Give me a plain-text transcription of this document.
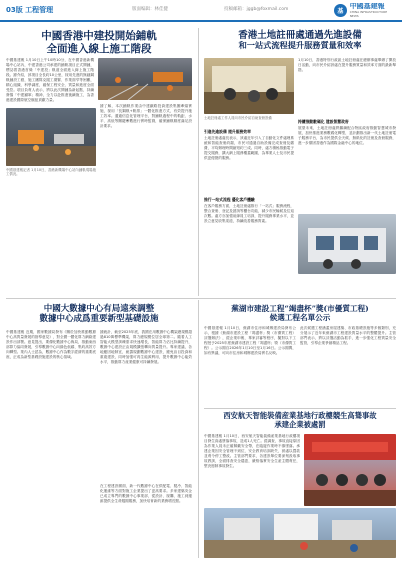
03版 工程管理	版面编辑：林佳健	投稿邮箱：jggb@foxmail.com	基
中國基建報
CHINA INFRASTRUCTURE NEWS
中國香港中建投開始鋪軌
全面進入線上施工階段
中國基建報 1月10日上午10時10分，在中國香港新機場中心站內，中建香港公司承建的鋪軌項目正式開鋪，標誌着香港首條「中建投」軌道全面進入線上施工階段。據介紹，該項目全長約10公里，採用先進的無縫鋼軌鋪設工藝，施工團隊克服工期緊、作業面窄等困難，精心組織、科學調度，確保工程安全、質量和進度全面受控。項目負責人表示，將以此次開鋪為新起點，持續發揚「中建鐵軍」精神，全力以赴推進後續施工，為香港建設國際航空樞紐貢獻力量。
中國基建報記者 1月10日，香港新機場中心站內鋪軌現場施工情況。
據了解，本次鋪軌作業由中建鐵路投資建設集團牽頭實施，採用「長鋼軌+軌排」一體化推進方式，有效提升施工效率。通過信息化管理平台，對鋪軌過程中的軌距、水平、高低等關鍵參數進行實時監測，確保鋪軌精度滿足設計要求。
香港土地註冊處通過先進設備
和一站式流程提升服務質量和效率
1月10日，香港特別行政區土地註冊處在總辦事處舉辦了開放日活動，向市民介紹該處在提升服務質量和效率方面的最新舉措。
土地註冊處工作人員向市民介紹自助查冊設備
引進先進設備 提升服務效率
土地註冊處處長表示，該處近年引入了自動化文件處理系統和智能查冊終端，市民可通過自助設備完成查冊及繳費，平均辦理時間縮短約三成。同時，處方積極推動電子提交服務，擴大網上服務覆蓋範圍，為專業人士及市民提供更便捷的服務。
推行一站式流程 優化客戶體驗
在客戶服務方面，土地註冊處推行「一站式」服務流程，整合查冊、登記及諮詢等櫃台功能，減少市民輪候及往返次數。處方亦加強前線員工培訓，提升服務專業水平，並設立意見收集渠道，持續改善服務質素。
持續推動數碼化 建設智慧政府
展望未來，土地註冊處將繼續配合特區政府推動智慧城市發展，加快推進業務數碼化轉型，並計劃推出新一代土地註冊電子服務平台，為市民提供全天候、無紙化的註冊及查冊服務，進一步鞏固香港作為國際金融中心的地位。
中國大數據中心有局遠來調整
數據中心成爲重要新型基礎設施
中國基建報 近期，國家數據局發布《關於加快推動數據中心高質量發展的指導意見》，對全國一體化算力網絡建設作出部署。意見提出，要優化數據中心佈局，推動東西部算力協同發展，引導數據中心向綠色低碳、集約高效方向轉型。業內人士認為，數據中心作為數字經濟的重要底座，正成為新型基礎設施建設的核心領域。
據統計，截至2025年底，我國在用數據中心機架總規模超過810萬標準機架，算力總規模位居全球第二。隨着人工智能大模型訓練需求快速增長，智能算力佔比持續提升，數據中心建設正由規模擴張轉向質量提升。專家建議，各地應因地制宜，統籌規劃數據中心建設，避免盲目投資和重複建設，同時加強可再生能源利用，提升數據中心能效水平，推動算力產業健康可持續發展。
在工程建設層面，新一代數據中心在供配電、製冷、智能化運維等方面對施工企業提出了更高要求。多家建築央企已成立專門的數據中心事業部，從設計、採購、施工到運維提供全生命週期服務，加快培育新的業務增長點。
蕪湖市建設工程“竭盡杯”獎(市優質工程)
候選工程名單公示
中國基建報 1月10日，蕪湖市住房和城鄉建設局發布公示，根據《蕪湖市建設工程「竭盡杯」獎（市優質工程）評選辦法》，經企業申報、專家評審等程序，擬對以下工程授予2025年度蕪湖市建設工程「竭盡杯」獎（市優質工程）。公示期自2026年1月10日至1月16日。公示期間，如有異議，可向市住房和城鄉建設局實名反映。
此次候選工程涵蓋房屋建築、市政基礎設施等多個類別，充分展示了近年來蕪湖市工程建設質量水平的整體提升。主管部門表示，將以評選活動為抓手，進一步強化工程質量安全監管，引導企業爭創精品工程。
西安航天智能裝備産業基地行政樓競生高聳事故
承建企業被處罰
中國基建報 1月10日，西安航天智能裝備產業基地行政樓項目發生高處墜落事故，造成1人死亡。經調查，事故直接原因為作業人員未正確佩戴安全帶，在臨邊作業時不慎墜落。承建企業因安全管理不到位、安全教育培訓缺失，被處以罰款並責令停工整改。主管部門要求，各建設單位要深刻汲取事故教訓，全面排查安全隱患，嚴格落實安全生產主體責任，堅決遏制事故發生。
